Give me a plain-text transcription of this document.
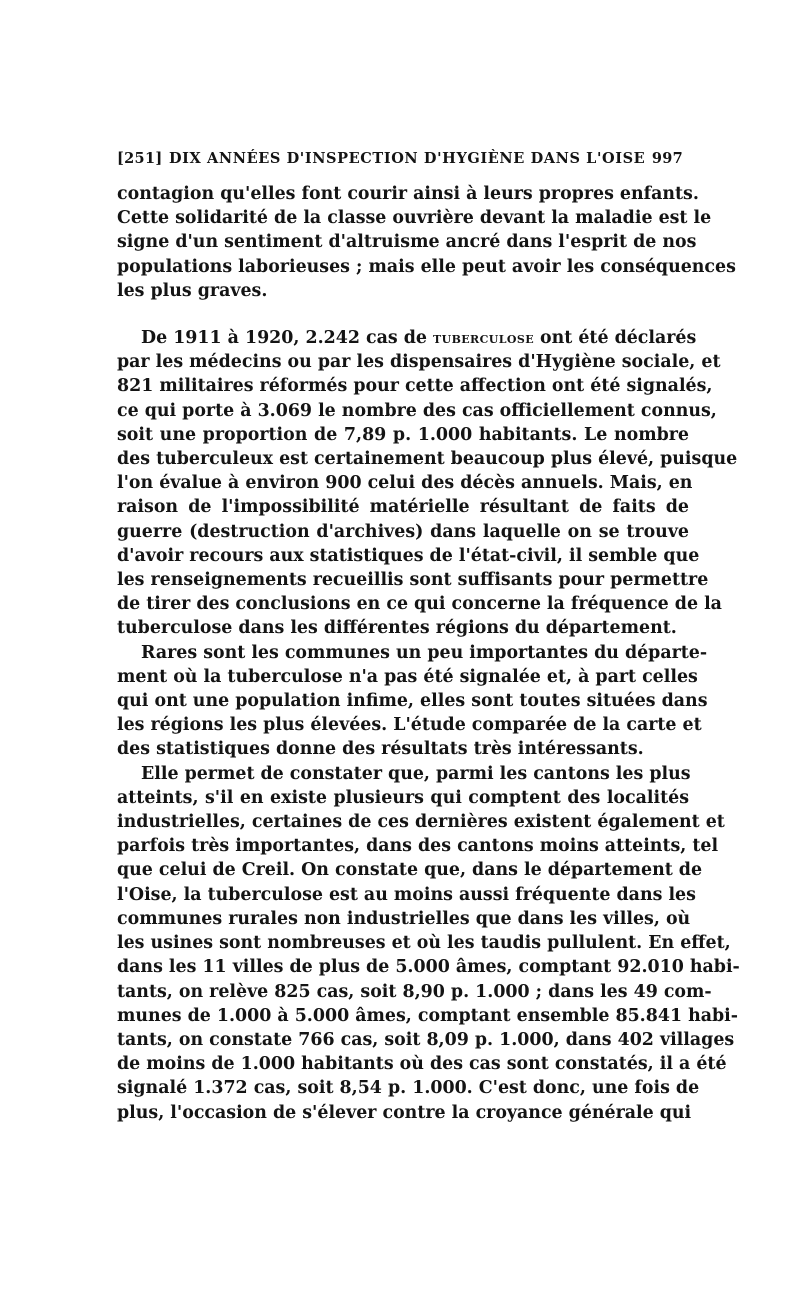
[251] DIX ANNÉES D'INSPECTION D'HYGIÈNE DANS L'OISE 997

contagion qu'elles font courir ainsi à leurs propres enfants.
Cette solidarité de la classe ouvrière devant la maladie est le
signe d'un sentiment d'altruisme ancré dans l'esprit de nos
populations laborieuses ; mais elle peut avoir les conséquences
les plus graves.

De 1911 à 1920, 2.242 cas de tuberculose ont été déclarés
par les médecins ou par les dispensaires d'Hygiène sociale, et
821 militaires réformés pour cette affection ont été signalés,
ce qui porte à 3.069 le nombre des cas officiellement connus,
soit une proportion de 7,89 p. 1.000 habitants. Le nombre
des tuberculeux est certainement beaucoup plus élevé, puisque
l'on évalue à environ 900 celui des décès annuels. Mais, en
raison de l'impossibilité matérielle résultant de faits de
guerre (destruction d'archives) dans laquelle on se trouve
d'avoir recours aux statistiques de l'état-civil, il semble que
les renseignements recueillis sont suffisants pour permettre
de tirer des conclusions en ce qui concerne la fréquence de la
tuberculose dans les différentes régions du département.

Rares sont les communes un peu importantes du départe-
ment où la tuberculose n'a pas été signalée et, à part celles
qui ont une population infime, elles sont toutes situées dans
les régions les plus élevées. L'étude comparée de la carte et
des statistiques donne des résultats très intéressants.

Elle permet de constater que, parmi les cantons les plus
atteints, s'il en existe plusieurs qui comptent des localités
industrielles, certaines de ces dernières existent également et
parfois très importantes, dans des cantons moins atteints, tel
que celui de Creil. On constate que, dans le département de
l'Oise, la tuberculose est au moins aussi fréquente dans les
communes rurales non industrielles que dans les villes, où
les usines sont nombreuses et où les taudis pullulent. En effet,
dans les 11 villes de plus de 5.000 âmes, comptant 92.010 habi-
tants, on relève 825 cas, soit 8,90 p. 1.000 ; dans les 49 com-
munes de 1.000 à 5.000 âmes, comptant ensemble 85.841 habi-
tants, on constate 766 cas, soit 8,09 p. 1.000, dans 402 villages
de moins de 1.000 habitants où des cas sont constatés, il a été
signalé 1.372 cas, soit 8,54 p. 1.000. C'est donc, une fois de
plus, l'occasion de s'élever contre la croyance générale qui
